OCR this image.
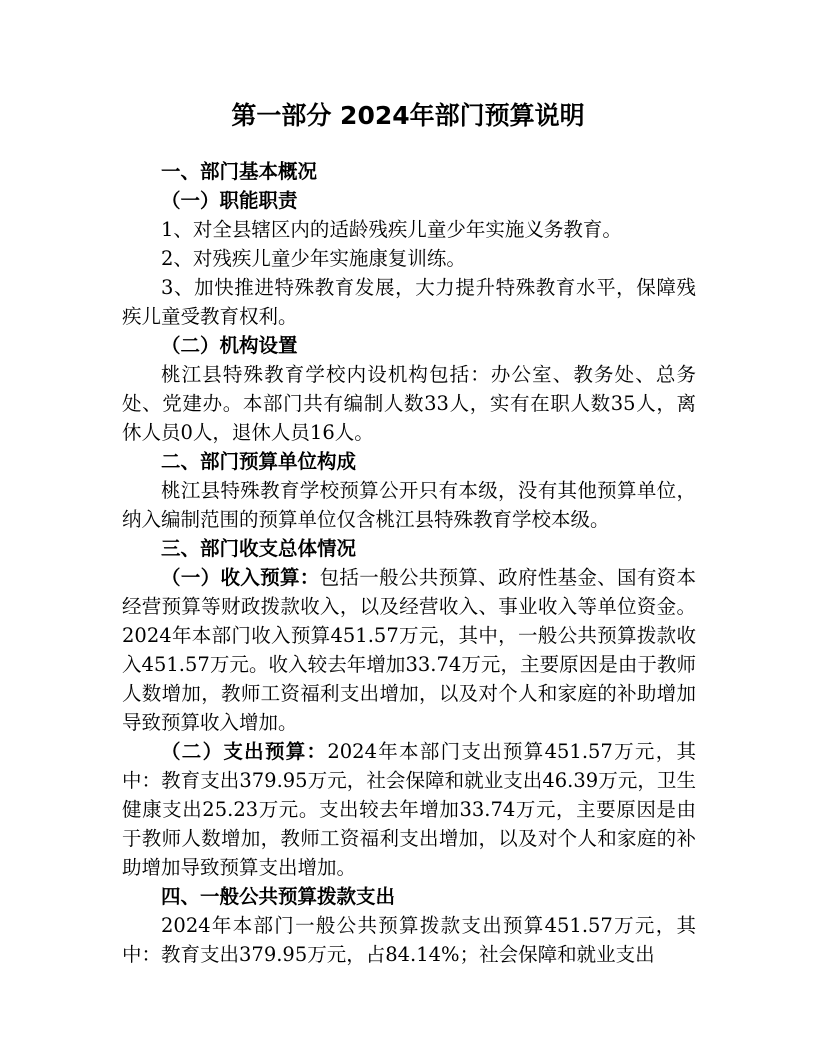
第一部分 2024年部门预算说明

一、部门基本概况

（一）职能职责

1、对全县辖区内的适龄残疾儿童少年实施义务教育。

2、对残疾儿童少年实施康复训练。

3、加快推进特殊教育发展，大力提升特殊教育水平，保障残疾儿童受教育权利。

（二）机构设置

桃江县特殊教育学校内设机构包括：办公室、教务处、总务处、党建办。本部门共有编制人数33人，实有在职人数35人，离休人员0人，退休人员16人。

二、部门预算单位构成

桃江县特殊教育学校预算公开只有本级，没有其他预算单位，纳入编制范围的预算单位仅含桃江县特殊教育学校本级。

三、部门收支总体情况

（一）收入预算：包括一般公共预算、政府性基金、国有资本经营预算等财政拨款收入，以及经营收入、事业收入等单位资金。2024年本部门收入预算451.57万元，其中，一般公共预算拨款收入451.57万元。收入较去年增加33.74万元，主要原因是由于教师人数增加，教师工资福利支出增加，以及对个人和家庭的补助增加导致预算收入增加。

（二）支出预算：2024年本部门支出预算451.57万元，其中：教育支出379.95万元，社会保障和就业支出46.39万元，卫生健康支出25.23万元。支出较去年增加33.74万元，主要原因是由于教师人数增加，教师工资福利支出增加，以及对个人和家庭的补助增加导致预算支出增加。

四、一般公共预算拨款支出

2024年本部门一般公共预算拨款支出预算451.57万元，其中：教育支出379.95万元，占84.14%；社会保障和就业支出
